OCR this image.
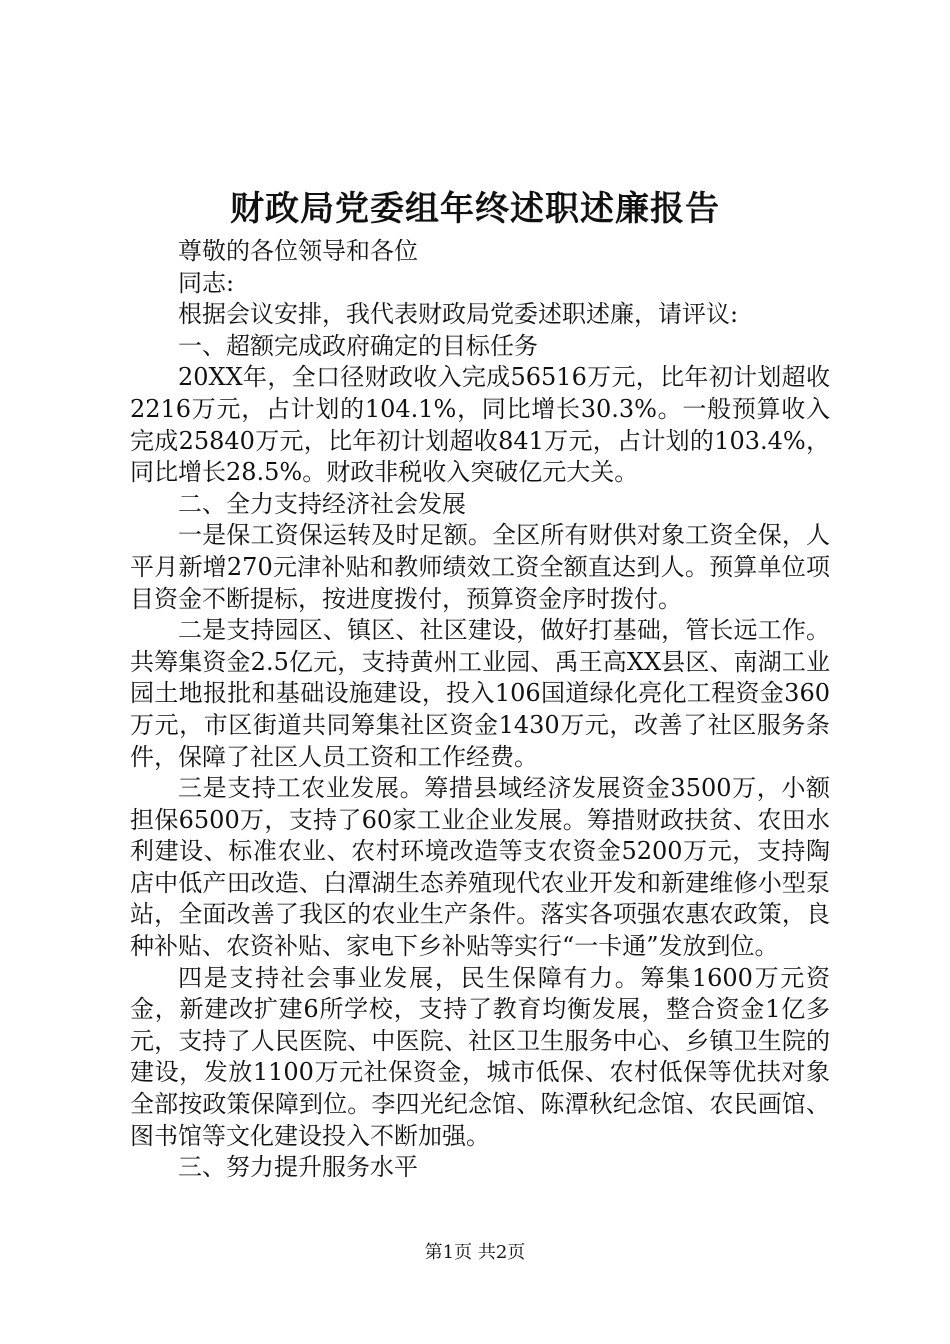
财政局党委组年终述职述廉报告

尊敬的各位领导和各位

同志:

根据会议安排，我代表财政局党委述职述廉，请评议:

一、超额完成政府确定的目标任务

20XX年，全口径财政收入完成56516万元，比年初计划超收2216万元，占计划的104.1%，同比增长30.3%。一般预算收入完成25840万元，比年初计划超收841万元，占计划的103.4%，同比增长28.5%。财政非税收入突破亿元大关。

二、全力支持经济社会发展

一是保工资保运转及时足额。全区所有财供对象工资全保，人平月新增270元津补贴和教师绩效工资全额直达到人。预算单位项目资金不断提标，按进度拨付，预算资金序时拨付。

二是支持园区、镇区、社区建设，做好打基础，管长远工作。共筹集资金2.5亿元，支持黄州工业园、禹王高XX县区、南湖工业园土地报批和基础设施建设，投入106国道绿化亮化工程资金360万元，市区街道共同筹集社区资金1430万元，改善了社区服务条件，保障了社区人员工资和工作经费。

三是支持工农业发展。筹措县域经济发展资金3500万，小额担保6500万，支持了60家工业企业发展。筹措财政扶贫、农田水利建设、标准农业、农村环境改造等支农资金5200万元，支持陶店中低产田改造、白潭湖生态养殖现代农业开发和新建维修小型泵站，全面改善了我区的农业生产条件。落实各项强农惠农政策，良种补贴、农资补贴、家电下乡补贴等实行“一卡通”发放到位。

四是支持社会事业发展，民生保障有力。筹集1600万元资金，新建改扩建6所学校，支持了教育均衡发展，整合资金1亿多元，支持了人民医院、中医院、社区卫生服务中心、乡镇卫生院的建设，发放1100万元社保资金，城市低保、农村低保等优扶对象全部按政策保障到位。李四光纪念馆、陈潭秋纪念馆、农民画馆、图书馆等文化建设投入不断加强。

三、努力提升服务水平

第1页 共2页
